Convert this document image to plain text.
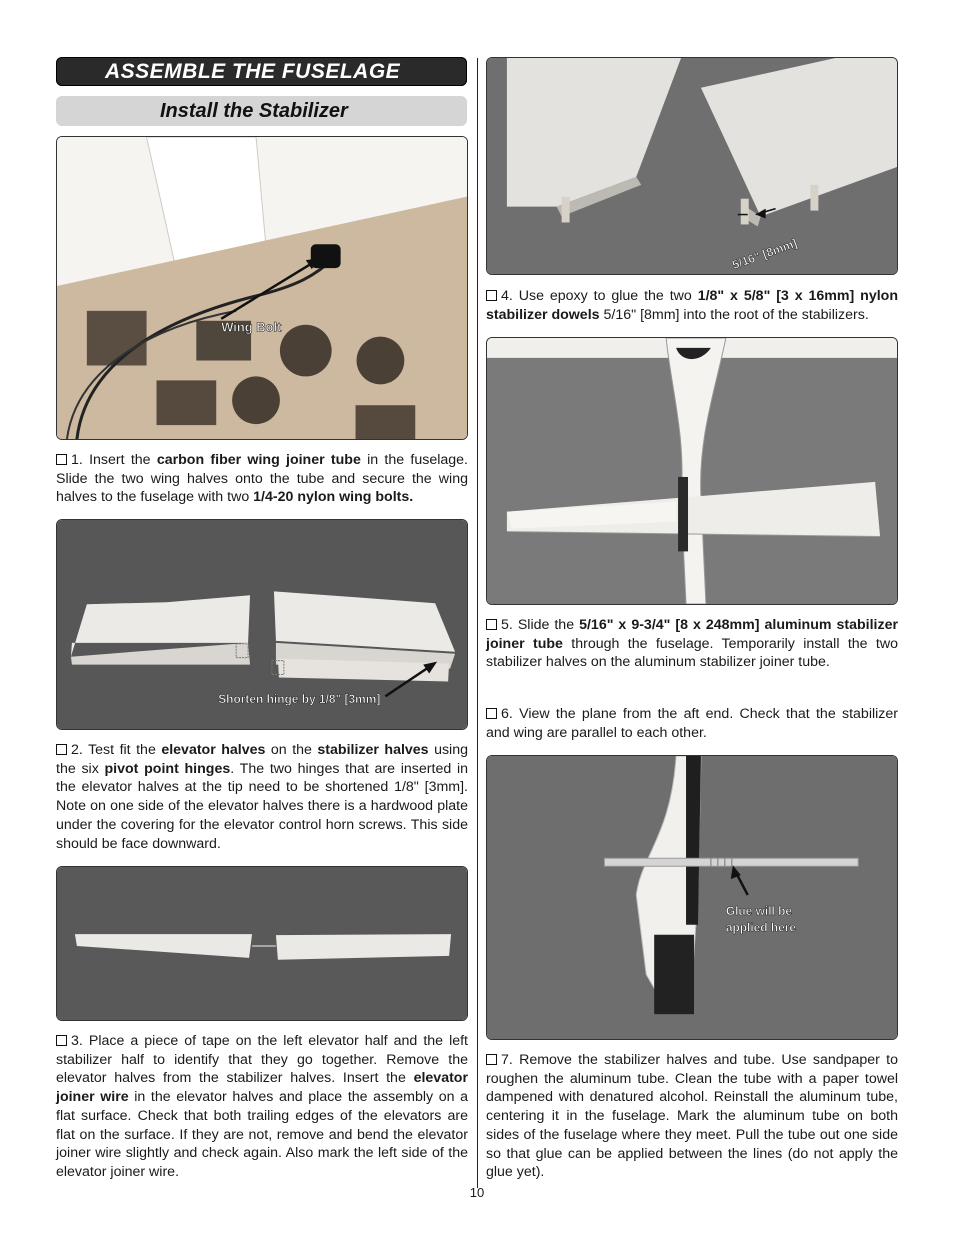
ASSEMBLE THE FUSELAGE
Install the Stabilizer
Wing Bolt
1. Insert the carbon fiber wing joiner tube in the fuselage. Slide the two wing halves onto the tube and secure the wing halves to the fuselage with two 1/4-20 nylon wing bolts.
Shorten hinge by 1/8" [3mm]
2. Test fit the elevator halves on the stabilizer halves using the six pivot point hinges. The two hinges that are inserted in the elevator halves at the tip need to be shortened 1/8" [3mm]. Note on one side of the elevator halves there is a hardwood plate under the covering for the elevator control horn screws. This side should be face downward.
3. Place a piece of tape on the left elevator half and the left stabilizer half to identify that they go together. Remove the elevator halves from the stabilizer halves. Insert the elevator joiner wire in the elevator halves and place the assembly on a flat surface. Check that both trailing edges of the elevators are flat on the surface. If they are not, remove and bend the elevator joiner wire slightly and check again. Also mark the left side of the elevator joiner wire.
5/16" [8mm]
4. Use epoxy to glue the two 1/8" x 5/8" [3 x 16mm] nylon stabilizer dowels 5/16" [8mm] into the root of the stabilizers.
5. Slide the 5/16" x 9-3/4" [8 x 248mm] aluminum stabilizer joiner tube through the fuselage. Temporarily install the two stabilizer halves on the aluminum stabilizer joiner tube.
6. View the plane from the aft end. Check that the stabilizer and wing are parallel to each other.
Glue will be
applied here
7. Remove the stabilizer halves and tube. Use sandpaper to roughen the aluminum tube. Clean the tube with a paper towel dampened with denatured alcohol. Reinstall the aluminum tube, centering it in the fuselage. Mark the aluminum tube on both sides of the fuselage where they meet. Pull the tube out one side so that glue can be applied between the lines (do not apply the glue yet).
10
